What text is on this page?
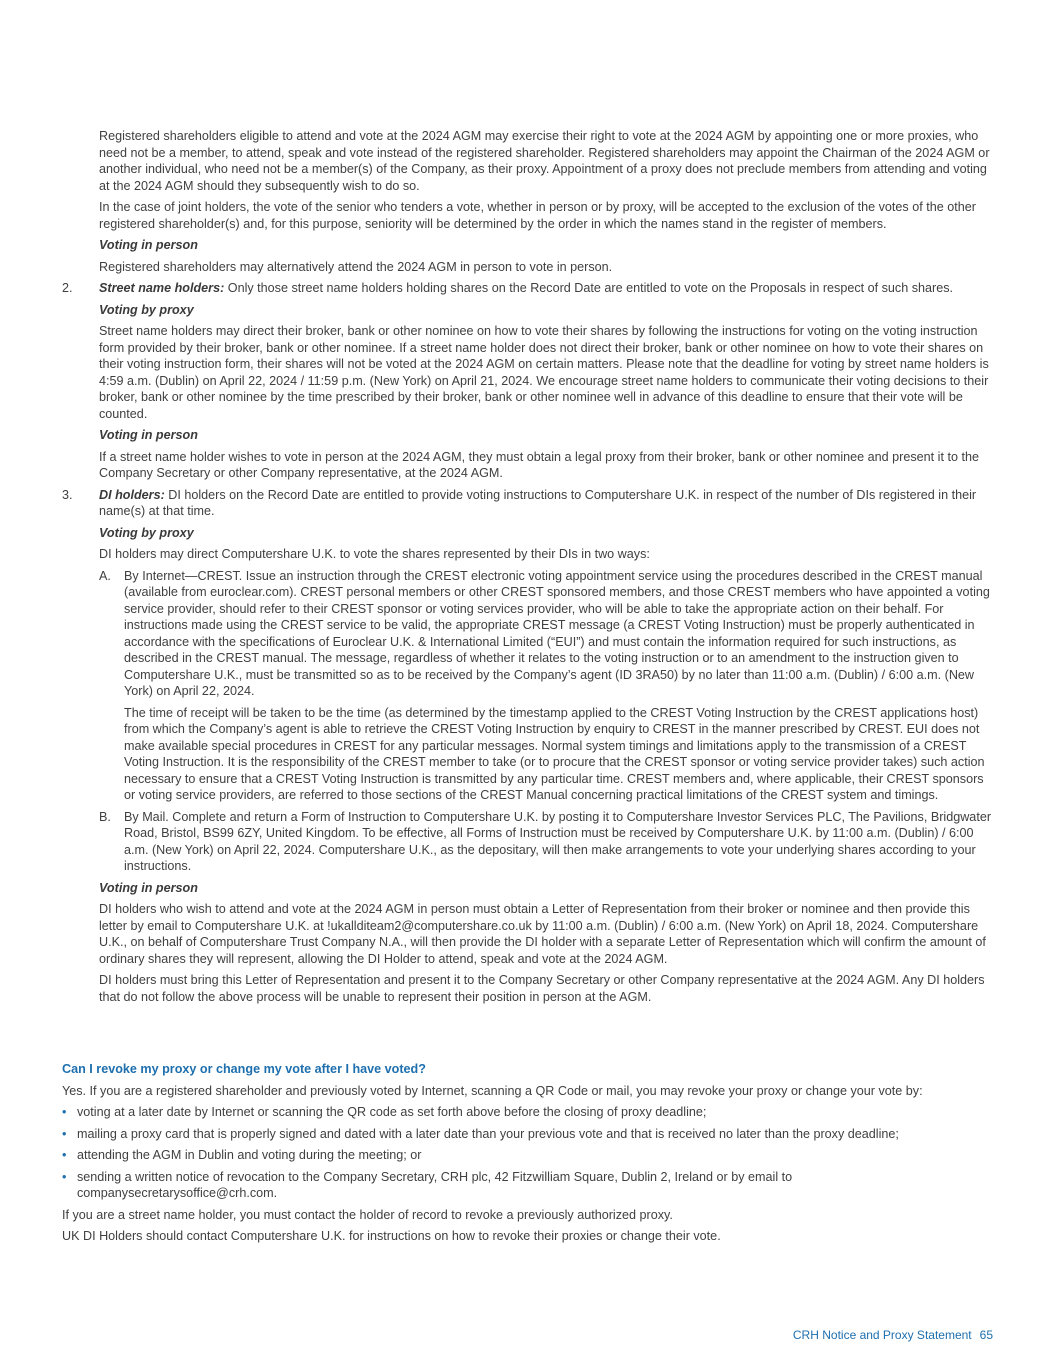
Registered shareholders eligible to attend and vote at the 2024 AGM may exercise their right to vote at the 2024 AGM by appointing one or more proxies, who need not be a member, to attend, speak and vote instead of the registered shareholder. Registered shareholders may appoint the Chairman of the 2024 AGM or another individual, who need not be a member(s) of the Company, as their proxy. Appointment of a proxy does not preclude members from attending and voting at the 2024 AGM should they subsequently wish to do so.

In the case of joint holders, the vote of the senior who tenders a vote, whether in person or by proxy, will be accepted to the exclusion of the votes of the other registered shareholder(s) and, for this purpose, seniority will be determined by the order in which the names stand in the register of members.

Voting in person

Registered shareholders may alternatively attend the 2024 AGM in person to vote in person.

2. Street name holders: Only those street name holders holding shares on the Record Date are entitled to vote on the Proposals in respect of such shares.

Voting by proxy

Street name holders may direct their broker, bank or other nominee on how to vote their shares by following the instructions for voting on the voting instruction form provided by their broker, bank or other nominee. If a street name holder does not direct their broker, bank or other nominee on how to vote their shares on their voting instruction form, their shares will not be voted at the 2024 AGM on certain matters. Please note that the deadline for voting by street name holders is 4:59 a.m. (Dublin) on April 22, 2024 / 11:59 p.m. (New York) on April 21, 2024. We encourage street name holders to communicate their voting decisions to their broker, bank or other nominee by the time prescribed by their broker, bank or other nominee well in advance of this deadline to ensure that their vote will be counted.

Voting in person

If a street name holder wishes to vote in person at the 2024 AGM, they must obtain a legal proxy from their broker, bank or other nominee and present it to the Company Secretary or other Company representative, at the 2024 AGM.

3. DI holders: DI holders on the Record Date are entitled to provide voting instructions to Computershare U.K. in respect of the number of DIs registered in their name(s) at that time.

Voting by proxy

DI holders may direct Computershare U.K. to vote the shares represented by their DIs in two ways:

A. By Internet—CREST. Issue an instruction through the CREST electronic voting appointment service using the procedures described in the CREST manual (available from euroclear.com). CREST personal members or other CREST sponsored members, and those CREST members who have appointed a voting service provider, should refer to their CREST sponsor or voting services provider, who will be able to take the appropriate action on their behalf. For instructions made using the CREST service to be valid, the appropriate CREST message (a CREST Voting Instruction) must be properly authenticated in accordance with the specifications of Euroclear U.K. & International Limited (“EUI”) and must contain the information required for such instructions, as described in the CREST manual. The message, regardless of whether it relates to the voting instruction or to an amendment to the instruction given to Computershare U.K., must be transmitted so as to be received by the Company’s agent (ID 3RA50) by no later than 11:00 a.m. (Dublin) / 6:00 a.m. (New York) on April 22, 2024.

The time of receipt will be taken to be the time (as determined by the timestamp applied to the CREST Voting Instruction by the CREST applications host) from which the Company’s agent is able to retrieve the CREST Voting Instruction by enquiry to CREST in the manner prescribed by CREST. EUI does not make available special procedures in CREST for any particular messages. Normal system timings and limitations apply to the transmission of a CREST Voting Instruction. It is the responsibility of the CREST member to take (or to procure that the CREST sponsor or voting service provider takes) such action necessary to ensure that a CREST Voting Instruction is transmitted by any particular time. CREST members and, where applicable, their CREST sponsors or voting service providers, are referred to those sections of the CREST Manual concerning practical limitations of the CREST system and timings.

B. By Mail. Complete and return a Form of Instruction to Computershare U.K. by posting it to Computershare Investor Services PLC, The Pavilions, Bridgwater Road, Bristol, BS99 6ZY, United Kingdom. To be effective, all Forms of Instruction must be received by Computershare U.K. by 11:00 a.m. (Dublin) / 6:00 a.m. (New York) on April 22, 2024. Computershare U.K., as the depositary, will then make arrangements to vote your underlying shares according to your instructions.

Voting in person

DI holders who wish to attend and vote at the 2024 AGM in person must obtain a Letter of Representation from their broker or nominee and then provide this letter by email to Computershare U.K. at !ukallditeam2@computershare.co.uk by 11:00 a.m. (Dublin) / 6:00 a.m. (New York) on April 18, 2024. Computershare U.K., on behalf of Computershare Trust Company N.A., will then provide the DI holder with a separate Letter of Representation which will confirm the amount of ordinary shares they will represent, allowing the DI Holder to attend, speak and vote at the 2024 AGM.

DI holders must bring this Letter of Representation and present it to the Company Secretary or other Company representative at the 2024 AGM. Any DI holders that do not follow the above process will be unable to represent their position in person at the AGM.

Can I revoke my proxy or change my vote after I have voted?

Yes. If you are a registered shareholder and previously voted by Internet, scanning a QR Code or mail, you may revoke your proxy or change your vote by:

• voting at a later date by Internet or scanning the QR code as set forth above before the closing of proxy deadline;
• mailing a proxy card that is properly signed and dated with a later date than your previous vote and that is received no later than the proxy deadline;
• attending the AGM in Dublin and voting during the meeting; or
• sending a written notice of revocation to the Company Secretary, CRH plc, 42 Fitzwilliam Square, Dublin 2, Ireland or by email to companysecretarysoffice@crh.com.

If you are a street name holder, you must contact the holder of record to revoke a previously authorized proxy.

UK DI Holders should contact Computershare U.K. for instructions on how to revoke their proxies or change their vote.

CRH Notice and Proxy Statement 65
